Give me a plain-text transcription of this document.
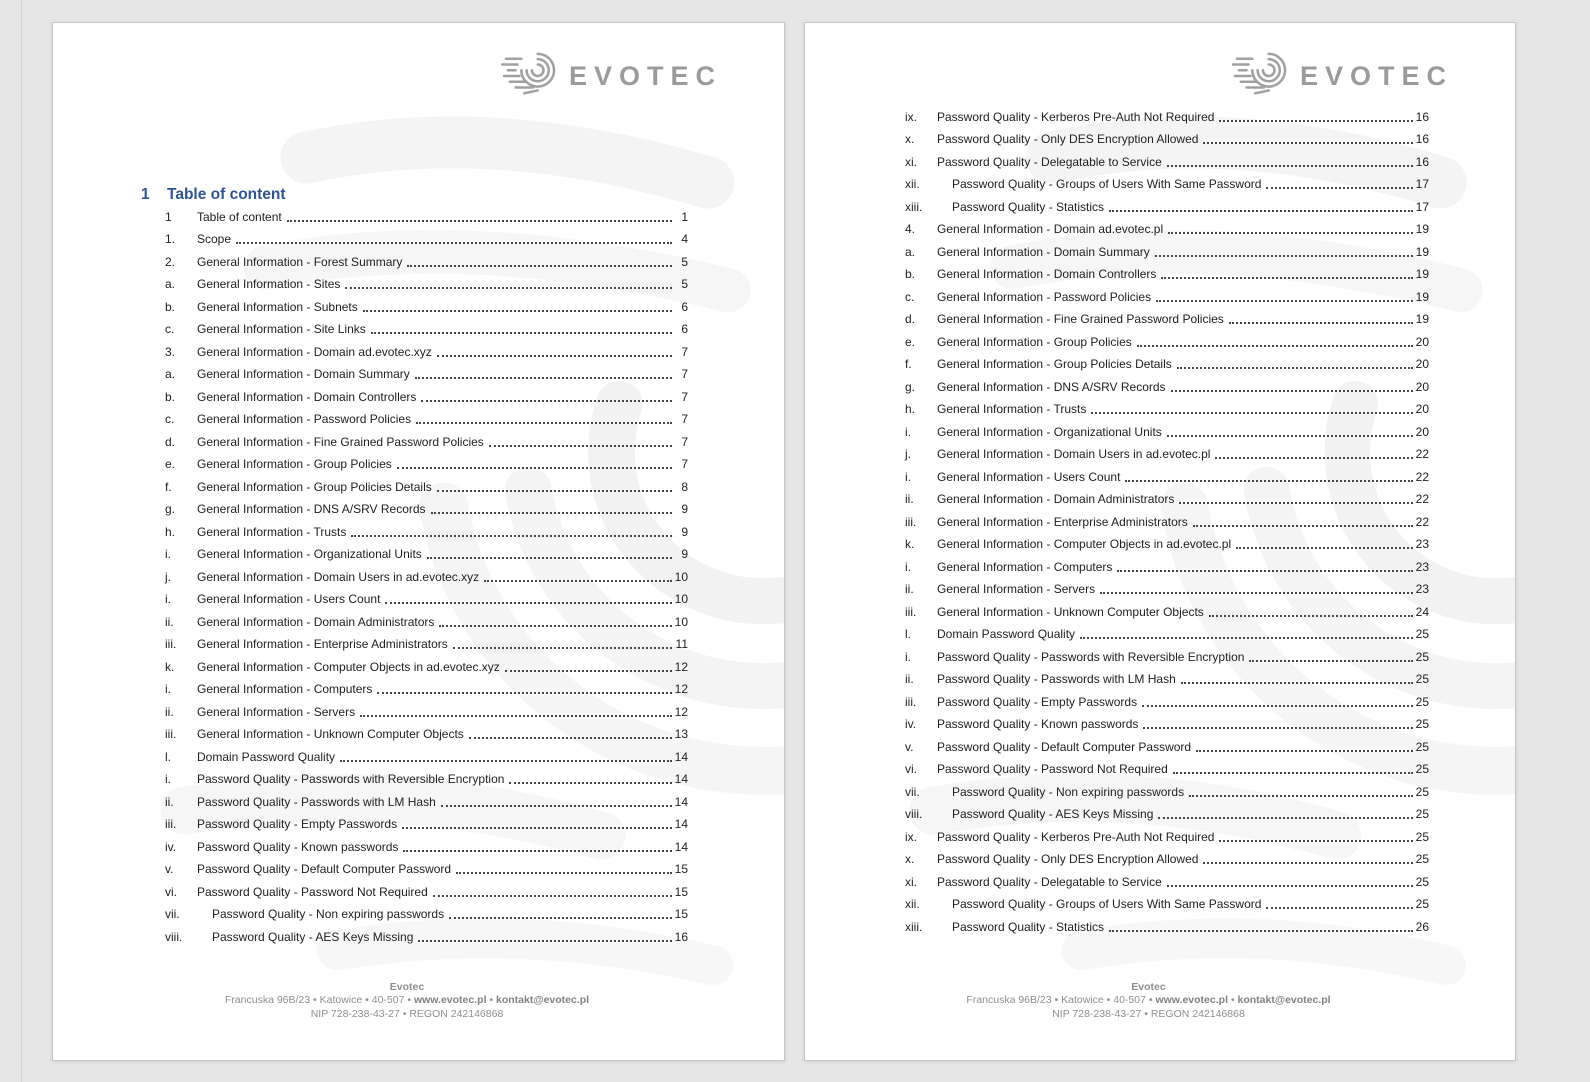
1	Table of content
1	Table of content	1
1.	Scope	4
2.	General Information - Forest Summary	5
a.	General Information - Sites	5
b.	General Information - Subnets	6
c.	General Information - Site Links	6
3.	General Information - Domain ad.evotec.xyz	7
a.	General Information - Domain Summary	7
b.	General Information - Domain Controllers	7
c.	General Information - Password Policies	7
d.	General Information - Fine Grained Password Policies	7
e.	General Information - Group Policies	7
f.	General Information - Group Policies Details	8
g.	General Information - DNS A/SRV Records	9
h.	General Information - Trusts	9
i.	General Information - Organizational Units	9
j.	General Information - Domain Users in ad.evotec.xyz	10
i.	General Information - Users Count	10
ii.	General Information - Domain Administrators	10
iii.	General Information - Enterprise Administrators	11
k.	General Information - Computer Objects in ad.evotec.xyz	12
i.	General Information - Computers	12
ii.	General Information - Servers	12
iii.	General Information - Unknown Computer Objects	13
l.	Domain Password Quality	14
i.	Password Quality - Passwords with Reversible Encryption	14
ii.	Password Quality - Passwords with LM Hash	14
iii.	Password Quality - Empty Passwords	14
iv.	Password Quality - Known passwords	14
v.	Password Quality - Default Computer Password	15
vi.	Password Quality - Password Not Required	15
vii.	Password Quality - Non expiring passwords	15
viii.	Password Quality - AES Keys Missing	16
EVOTEC
Evotec
Francuska 96B/23 • Katowice • 40-507 • www.evotec.pl • kontakt@evotec.pl
NIP 728-238-43-27 • REGON 242146868
ix.	Password Quality - Kerberos Pre-Auth Not Required	16
x.	Password Quality - Only DES Encryption Allowed	16
xi.	Password Quality - Delegatable to Service	16
xii.	Password Quality - Groups of Users With Same Password	17
xiii.	Password Quality - Statistics	17
4.	General Information - Domain ad.evotec.pl	19
a.	General Information - Domain Summary	19
b.	General Information - Domain Controllers	19
c.	General Information - Password Policies	19
d.	General Information - Fine Grained Password Policies	19
e.	General Information - Group Policies	20
f.	General Information - Group Policies Details	20
g.	General Information - DNS A/SRV Records	20
h.	General Information - Trusts	20
i.	General Information - Organizational Units	20
j.	General Information - Domain Users in ad.evotec.pl	22
i.	General Information - Users Count	22
ii.	General Information - Domain Administrators	22
iii.	General Information - Enterprise Administrators	22
k.	General Information - Computer Objects in ad.evotec.pl	23
i.	General Information - Computers	23
ii.	General Information - Servers	23
iii.	General Information - Unknown Computer Objects	24
l.	Domain Password Quality	25
i.	Password Quality - Passwords with Reversible Encryption	25
ii.	Password Quality - Passwords with LM Hash	25
iii.	Password Quality - Empty Passwords	25
iv.	Password Quality - Known passwords	25
v.	Password Quality - Default Computer Password	25
vi.	Password Quality - Password Not Required	25
vii.	Password Quality - Non expiring passwords	25
viii.	Password Quality - AES Keys Missing	25
ix.	Password Quality - Kerberos Pre-Auth Not Required	25
x.	Password Quality - Only DES Encryption Allowed	25
xi.	Password Quality - Delegatable to Service	25
xii.	Password Quality - Groups of Users With Same Password	25
xiii.	Password Quality - Statistics	26
EVOTEC
Evotec
Francuska 96B/23 • Katowice • 40-507 • www.evotec.pl • kontakt@evotec.pl
NIP 728-238-43-27 • REGON 242146868
